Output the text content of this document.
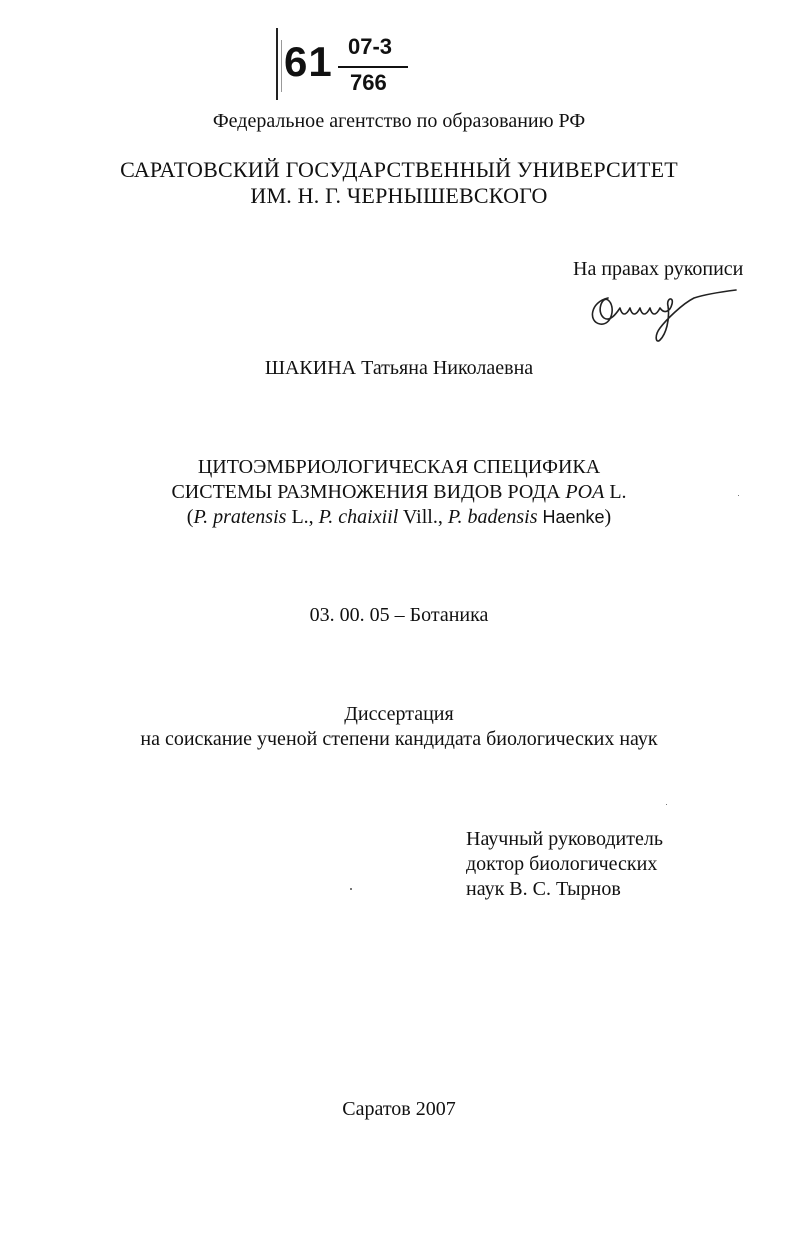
61 07-3
766
Федеральное агентство по образованию РФ
САРАТОВСКИЙ ГОСУДАРСТВЕННЫЙ УНИВЕРСИТЕТ
ИМ. Н. Г. ЧЕРНЫШЕВСКОГО
На правах рукописи
ШАКИНА Татьяна Николаевна
ЦИТОЭМБРИОЛОГИЧЕСКАЯ СПЕЦИФИКА
СИСТЕМЫ РАЗМНОЖЕНИЯ ВИДОВ РОДА POA L.
(P. pratensis L., P. chaixiil Vill., P. badensis Haenke)
03. 00. 05 – Ботаника
Диссертация
на соискание ученой степени кандидата биологических наук
Научный руководитель
доктор биологических
наук В. С. Тырнов
Саратов 2007
